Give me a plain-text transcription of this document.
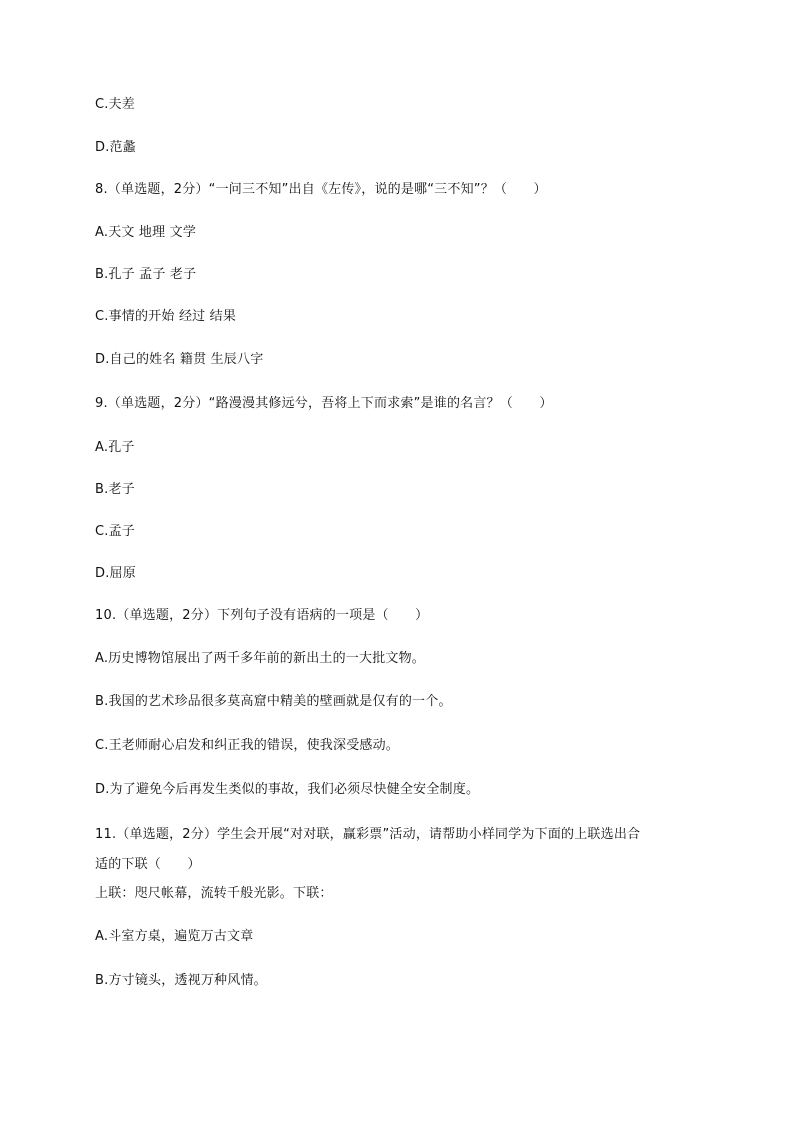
C.夫差
D.范蠡
8.（单选题，2分）“一问三不知”出自《左传》，说的是哪“三不知”？（　　）
A.天文 地理 文学
B.孔子 孟子 老子
C.事情的开始 经过 结果
D.自己的姓名 籍贯 生辰八字
9.（单选题，2分）“路漫漫其修远兮，吾将上下而求索”是谁的名言？（　　）
A.孔子
B.老子
C.孟子
D.屈原
10.（单选题，2分）下列句子没有语病的一项是（　　）
A.历史博物馆展出了两千多年前的新出土的一大批文物。
B.我国的艺术珍品很多莫高窟中精美的壁画就是仅有的一个。
C.王老师耐心启发和纠正我的错误，使我深受感动。
D.为了避免今后再发生类似的事故，我们必须尽快健全安全制度。
11.（单选题，2分）学生会开展“对对联，赢彩票”活动，请帮助小样同学为下面的上联选出合
适的下联（　　）
上联：咫尺帐幕，流转千般光影。下联：
A.斗室方桌，遍览万古文章
B.方寸镜头，透视万种风情。
